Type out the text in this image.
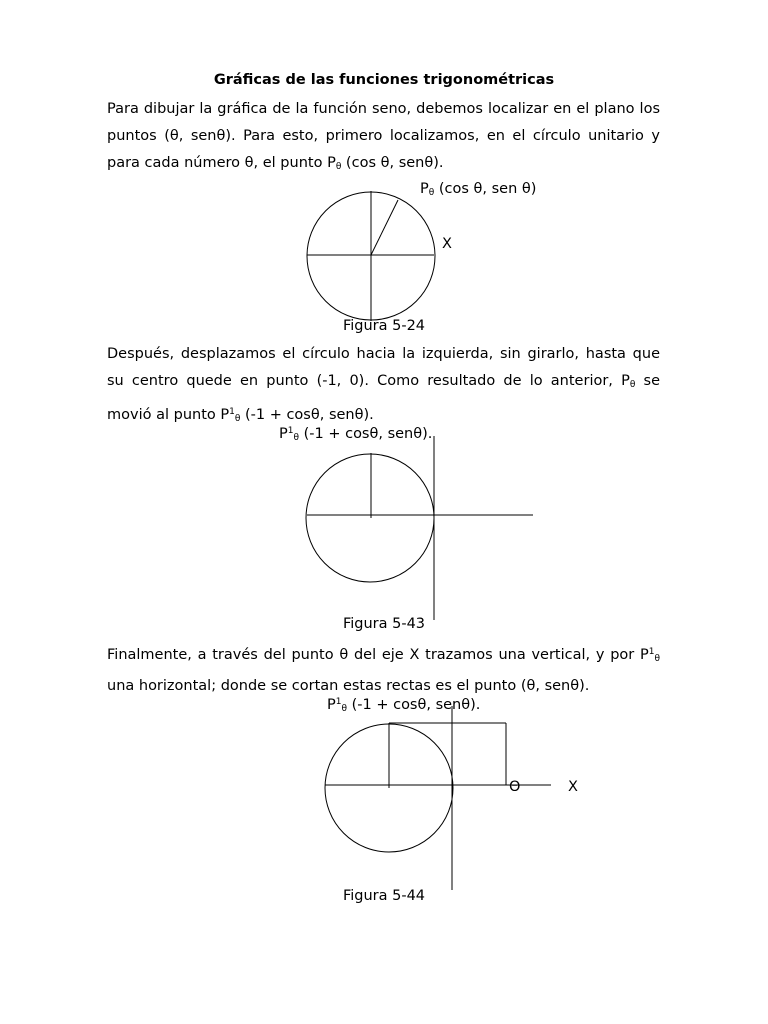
Gráficas de las funciones trigonométricas
Para dibujar la gráfica de la función seno, debemos localizar en el plano los puntos (θ, senθ). Para esto, primero localizamos, en el círculo unitario y para cada número θ, el punto $P_\theta$ (cos θ, senθ).
$P_\theta$ (cos θ, sen θ)
X
Figura 5-24
Después, desplazamos el círculo hacia la izquierda, sin girarlo, hasta que su centro quede en punto (-1, 0). Como resultado de lo anterior, $P_\theta$ se movió al punto $P^1_\theta$ (-1 + cosθ, senθ).
$P^1_\theta$ (-1 + cosθ, senθ).
Figura 5-43
Finalmente, a través del punto θ del eje X trazamos una vertical, y por $P^1_\theta$ una horizontal; donde se cortan estas rectas es el punto (θ, senθ).
$P^1_\theta$ (-1 + cosθ, senθ).
Θ	X
Figura 5-44
